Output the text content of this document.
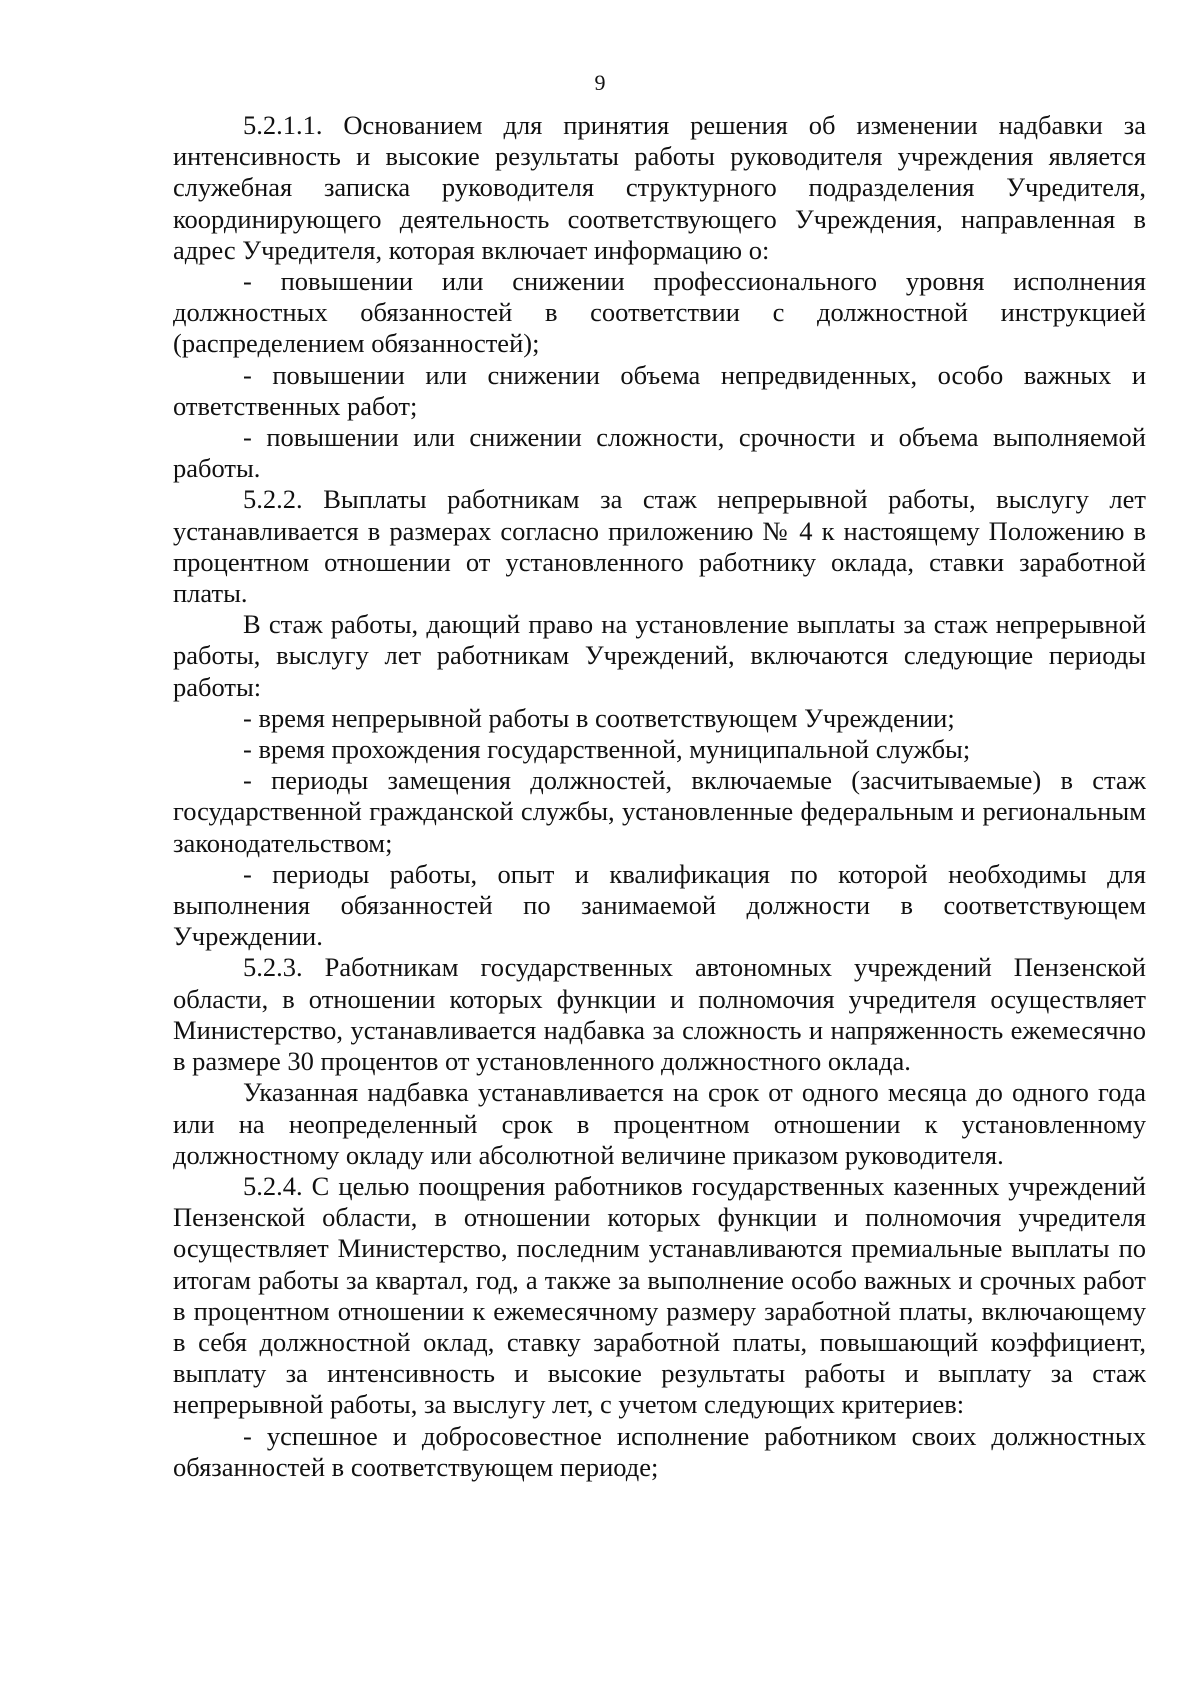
9

5.2.1.1. Основанием для принятия решения об изменении надбавки за интенсивность и высокие результаты работы руководителя учреждения является служебная записка руководителя структурного подразделения Учредителя, координирующего деятельность соответствующего Учреждения, направленная в адрес Учредителя, которая включает информацию о:

- повышении или снижении профессионального уровня исполнения должностных обязанностей в соответствии с должностной инструкцией (распределением обязанностей);

- повышении или снижении объема непредвиденных, особо важных и ответственных работ;

- повышении или снижении сложности, срочности и объема выполняемой работы.

5.2.2. Выплаты работникам за стаж непрерывной работы, выслугу лет устанавливается в размерах согласно приложению № 4 к настоящему Положению в процентном отношении от установленного работнику оклада, ставки заработной платы.

В стаж работы, дающий право на установление выплаты за стаж непрерывной работы, выслугу лет работникам Учреждений, включаются следующие периоды работы:

- время непрерывной работы в соответствующем Учреждении;

- время прохождения государственной, муниципальной службы;

- периоды замещения должностей, включаемые (засчитываемые) в стаж государственной гражданской службы, установленные федеральным и региональным законодательством;

- периоды работы, опыт и квалификация по которой необходимы для выполнения обязанностей по занимаемой должности в соответствующем Учреждении.

5.2.3. Работникам государственных автономных учреждений Пензенской области, в отношении которых функции и полномочия учредителя осуществляет Министерство, устанавливается надбавка за сложность и напряженность ежемесячно в размере 30 процентов от установленного должностного оклада.

Указанная надбавка устанавливается на срок от одного месяца до одного года или на неопределенный срок в процентном отношении к установленному должностному окладу или абсолютной величине приказом руководителя.

5.2.4. С целью поощрения работников государственных казенных учреждений Пензенской области, в отношении которых функции и полномочия учредителя осуществляет Министерство, последним устанавливаются премиальные выплаты по итогам работы за квартал, год, а также за выполнение особо важных и срочных работ в процентном отношении к ежемесячному размеру заработной платы, включающему в себя должностной оклад, ставку заработной платы, повышающий коэффициент, выплату за интенсивность и высокие результаты работы и выплату за стаж непрерывной работы, за выслугу лет, с учетом следующих критериев:

- успешное и добросовестное исполнение работником своих должностных обязанностей в соответствующем периоде;
